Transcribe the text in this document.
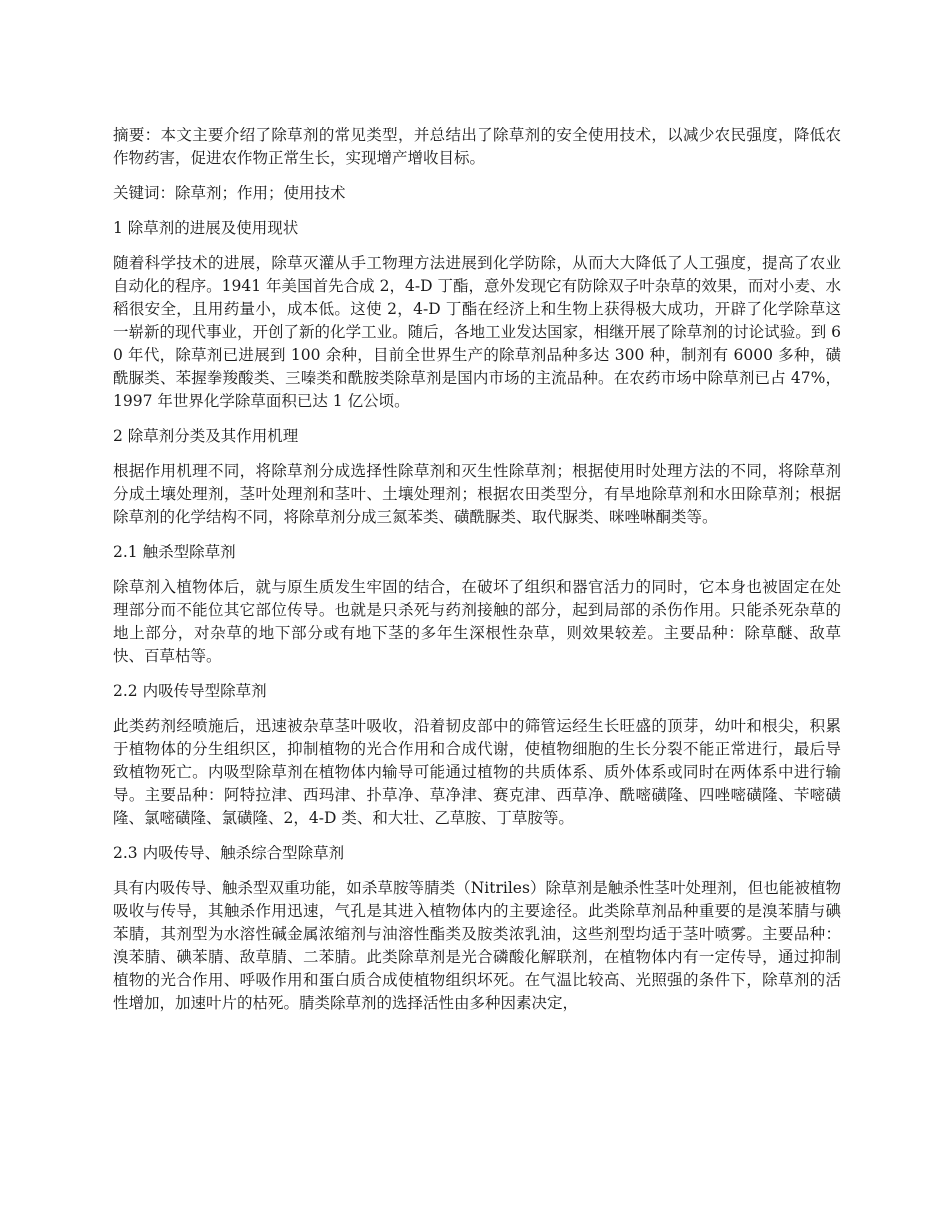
摘要：本文主要介绍了除草剂的常见类型，并总结出了除草剂的安全使用技术，以减少农民强度，降低农作物药害，促进农作物正常生长，实现增产增收目标。

关键词：除草剂；作用；使用技术

1 除草剂的进展及使用现状

随着科学技术的进展，除草灭灌从手工物理方法进展到化学防除，从而大大降低了人工强度，提高了农业自动化的程序。1941 年美国首先合成 2，4-D 丁酯，意外发现它有防除双子叶杂草的效果，而对小麦、水稻很安全，且用药量小，成本低。这使 2，4-D 丁酯在经济上和生物上获得极大成功，开辟了化学除草这一崭新的现代事业，开创了新的化学工业。随后，各地工业发达国家，相继开展了除草剂的讨论试验。到 60 年代，除草剂已进展到 100 余种，目前全世界生产的除草剂品种多达 300 种，制剂有 6000 多种，磺酰脲类、苯握拳羧酸类、三嗪类和酰胺类除草剂是国内市场的主流品种。在农药市场中除草剂已占 47%，1997 年世界化学除草面积已达 1 亿公顷。

2 除草剂分类及其作用机理

根据作用机理不同，将除草剂分成选择性除草剂和灭生性除草剂；根据使用时处理方法的不同，将除草剂分成土壤处理剂，茎叶处理剂和茎叶、土壤处理剂；根据农田类型分，有旱地除草剂和水田除草剂；根据除草剂的化学结构不同，将除草剂分成三氮苯类、磺酰脲类、取代脲类、咪唑啉酮类等。

2.1 触杀型除草剂

除草剂入植物体后，就与原生质发生牢固的结合，在破坏了组织和器官活力的同时，它本身也被固定在处理部分而不能位其它部位传导。也就是只杀死与药剂接触的部分，起到局部的杀伤作用。只能杀死杂草的地上部分，对杂草的地下部分或有地下茎的多年生深根性杂草，则效果较差。主要品种：除草醚、敌草快、百草枯等。

2.2 内吸传导型除草剂

此类药剂经喷施后，迅速被杂草茎叶吸收，沿着韧皮部中的筛管运经生长旺盛的顶芽，幼叶和根尖，积累于植物体的分生组织区，抑制植物的光合作用和合成代谢，使植物细胞的生长分裂不能正常进行，最后导致植物死亡。内吸型除草剂在植物体内输导可能通过植物的共质体系、质外体系或同时在两体系中进行输导。主要品种：阿特拉津、西玛津、扑草净、草净津、赛克津、西草净、酰嘧磺隆、四唑嘧磺隆、苄嘧磺隆、氯嘧磺隆、氯磺隆、2，4-D 类、和大壮、乙草胺、丁草胺等。

2.3 内吸传导、触杀综合型除草剂

具有内吸传导、触杀型双重功能，如杀草胺等腈类（Nitriles）除草剂是触杀性茎叶处理剂，但也能被植物吸收与传导，其触杀作用迅速，气孔是其进入植物体内的主要途径。此类除草剂品种重要的是溴苯腈与碘苯腈，其剂型为水溶性碱金属浓缩剂与油溶性酯类及胺类浓乳油，这些剂型均适于茎叶喷雾。主要品种：溴苯腈、碘苯腈、敌草腈、二苯腈。此类除草剂是光合磷酸化解联剂，在植物体内有一定传导，通过抑制植物的光合作用、呼吸作用和蛋白质合成使植物组织坏死。在气温比较高、光照强的条件下，除草剂的活性增加，加速叶片的枯死。腈类除草剂的选择活性由多种因素决定，
